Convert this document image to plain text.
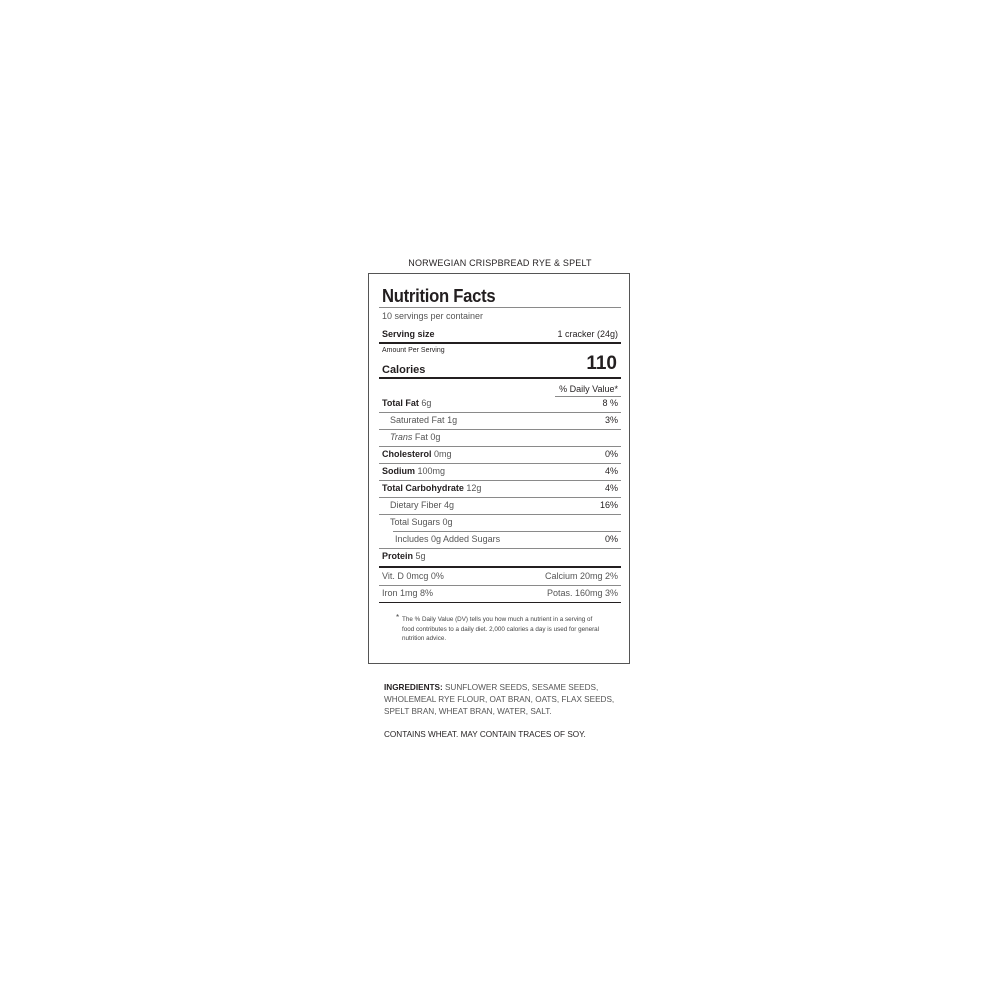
NORWEGIAN CRISPBREAD RYE & SPELT
Nutrition Facts
10 servings per container
Serving size	1 cracker (24g)
Amount Per Serving
Calories	110
% Daily Value*
Total Fat 6g	8 %
Saturated Fat 1g	3%
Trans Fat 0g
Cholesterol 0mg	0%
Sodium 100mg	4%
Total Carbohydrate 12g	4%
Dietary Fiber 4g	16%
Total Sugars 0g
Includes 0g Added Sugars	0%
Protein 5g
Vit. D 0mcg 0%	Calcium 20mg 2%
Iron 1mg 8%	Potas. 160mg 3%
* The % Daily Value (DV) tells you how much a nutrient in a serving of food contributes to a daily diet. 2,000 calories a day is used for general nutrition advice.
INGREDIENTS: SUNFLOWER SEEDS, SESAME SEEDS, WHOLEMEAL RYE FLOUR, OAT BRAN, OATS, FLAX SEEDS, SPELT BRAN, WHEAT BRAN, WATER, SALT.
CONTAINS WHEAT. MAY CONTAIN TRACES OF SOY.
